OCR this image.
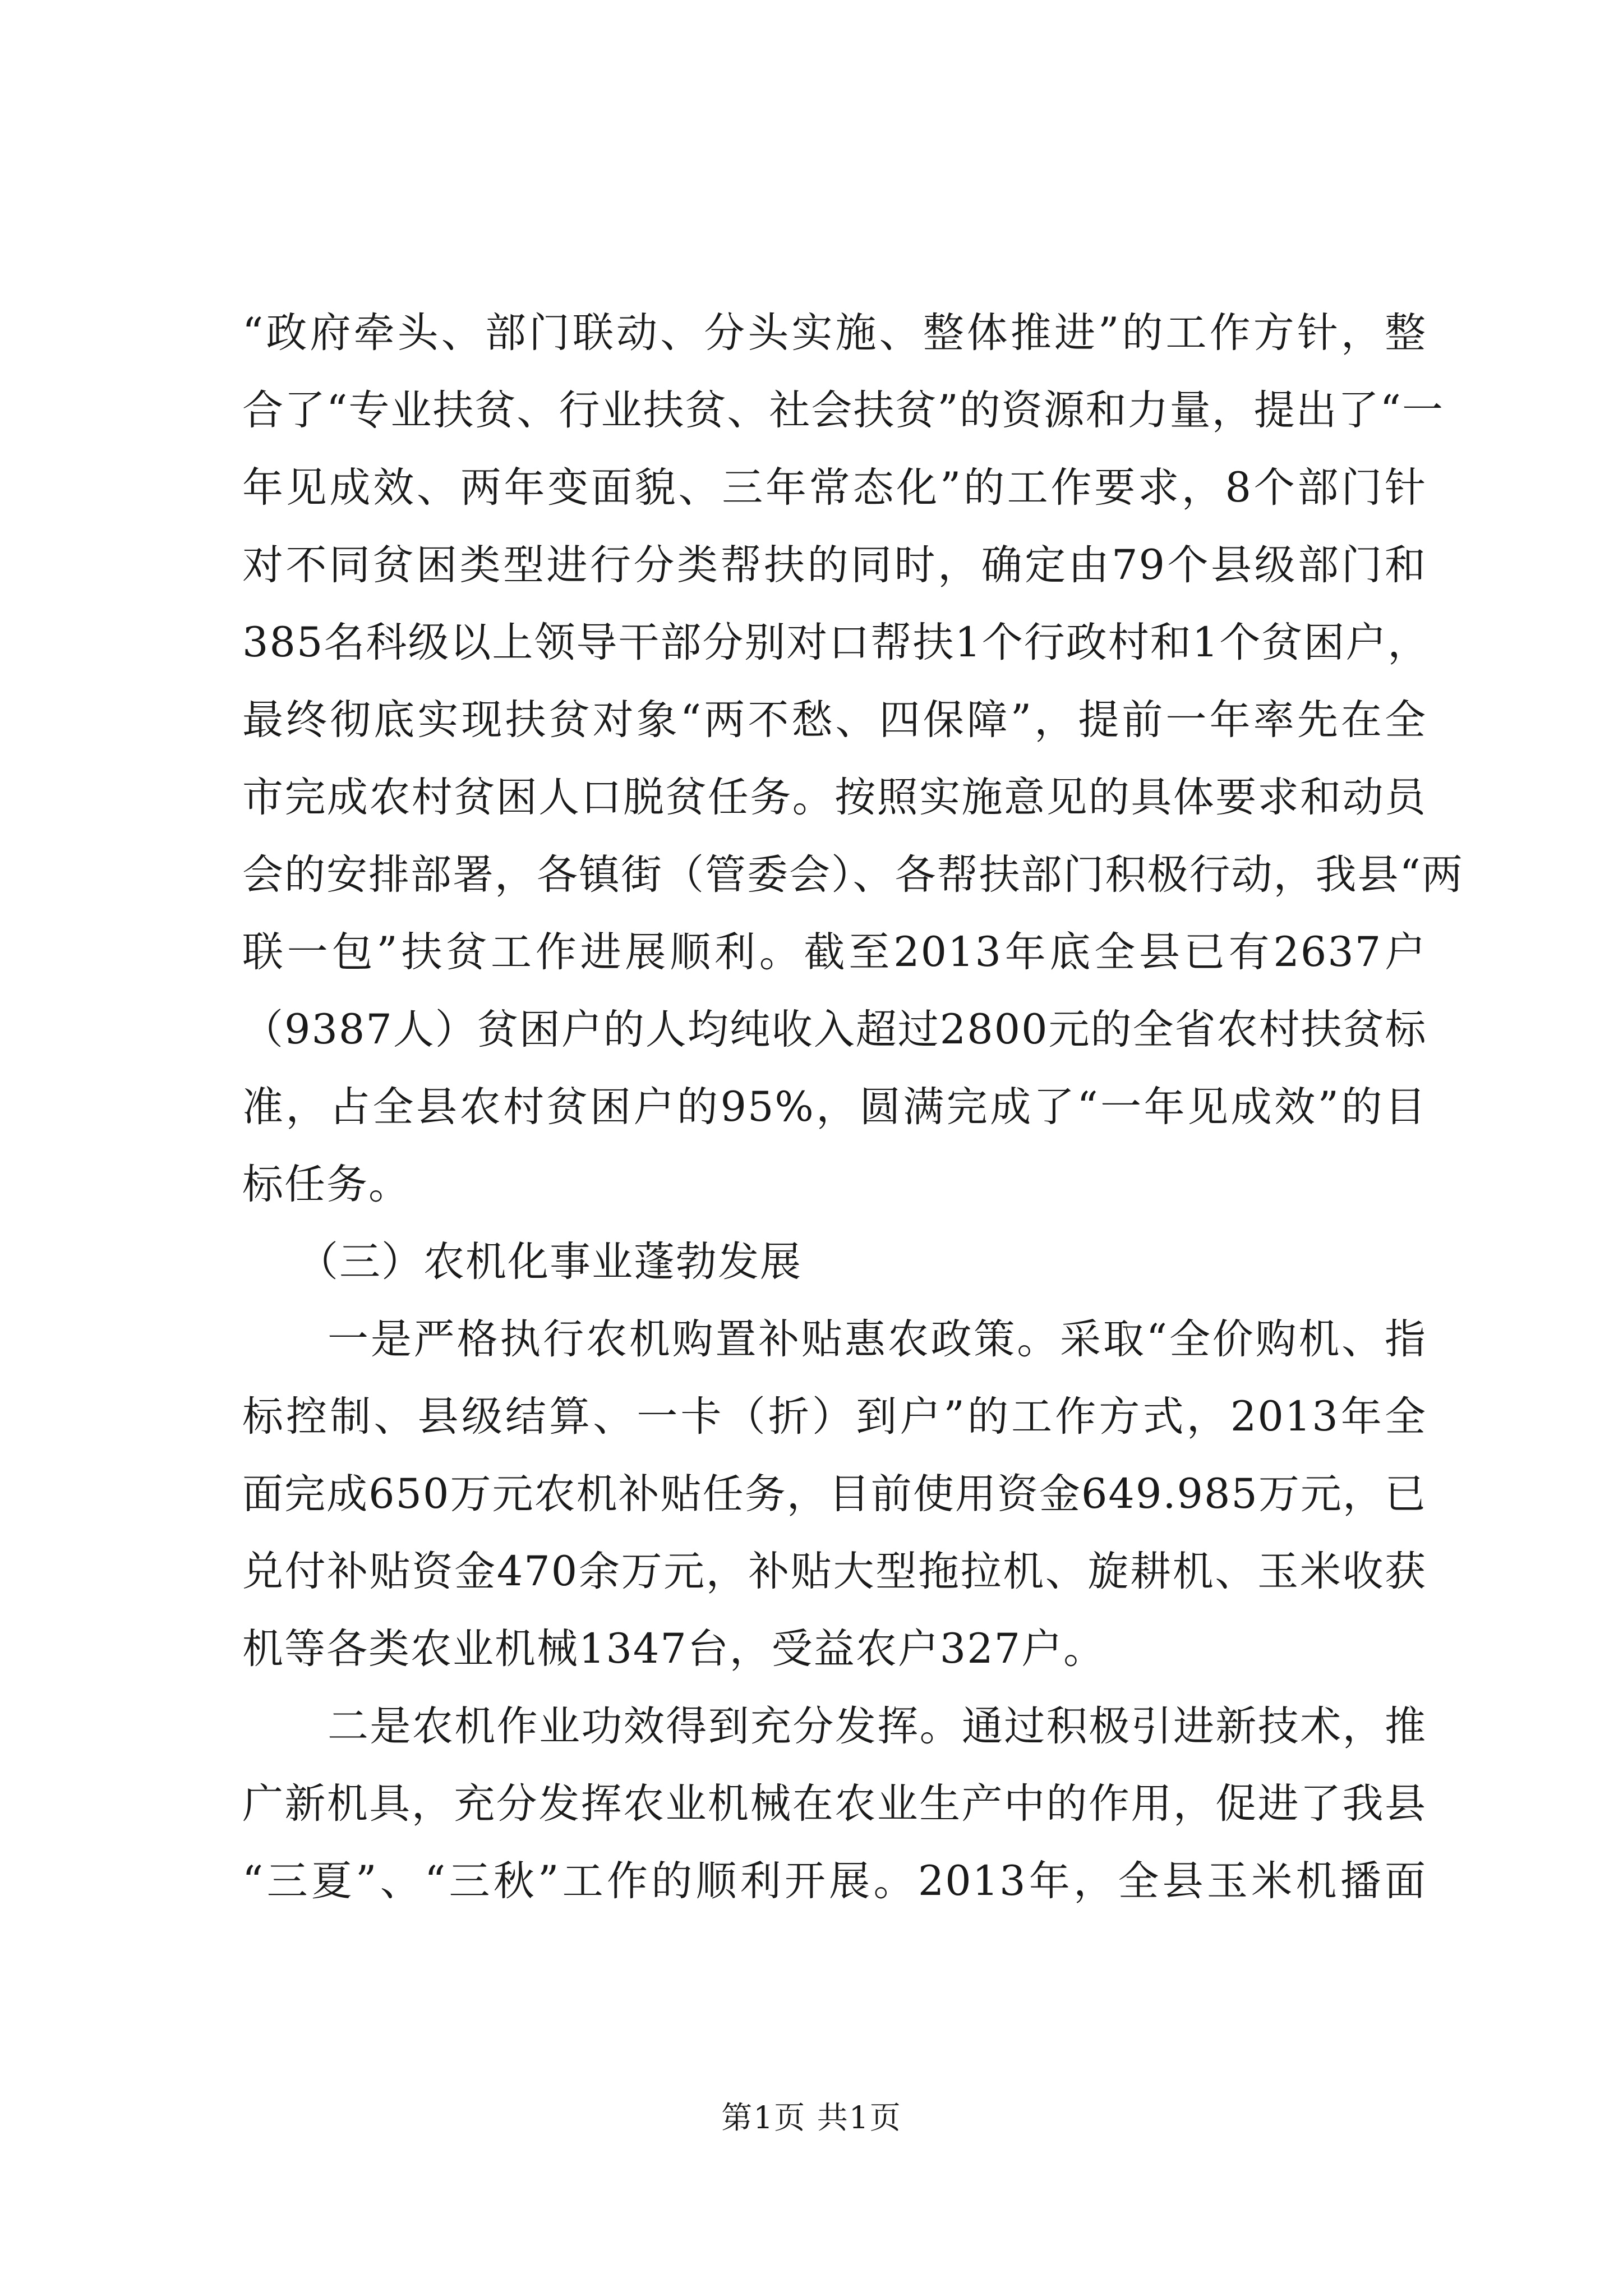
“政府牵头、部门联动、分头实施、整体推进”的工作方针，整
合了“专业扶贫、行业扶贫、社会扶贫”的资源和力量，提出了“一
年见成效、两年变面貌、三年常态化”的工作要求，8个部门针
对不同贫困类型进行分类帮扶的同时，确定由79个县级部门和
385名科级以上领导干部分别对口帮扶1个行政村和1个贫困户，
最终彻底实现扶贫对象“两不愁、四保障”，提前一年率先在全
市完成农村贫困人口脱贫任务。按照实施意见的具体要求和动员
会的安排部署，各镇街（管委会）、各帮扶部门积极行动，我县“两
联一包”扶贫工作进展顺利。截至2013年底全县已有2637户
（9387人）贫困户的人均纯收入超过2800元的全省农村扶贫标
准，占全县农村贫困户的95%，圆满完成了“一年见成效”的目
标任务。
（三）农机化事业蓬勃发展
一是严格执行农机购置补贴惠农政策。采取“全价购机、指
标控制、县级结算、一卡（折）到户”的工作方式，2013年全
面完成650万元农机补贴任务，目前使用资金649.985万元，已
兑付补贴资金470余万元，补贴大型拖拉机、旋耕机、玉米收获
机等各类农业机械1347台，受益农户327户。
二是农机作业功效得到充分发挥。通过积极引进新技术，推
广新机具，充分发挥农业机械在农业生产中的作用，促进了我县
“三夏”、“三秋”工作的顺利开展。2013年，全县玉米机播面
第1页 共1页
